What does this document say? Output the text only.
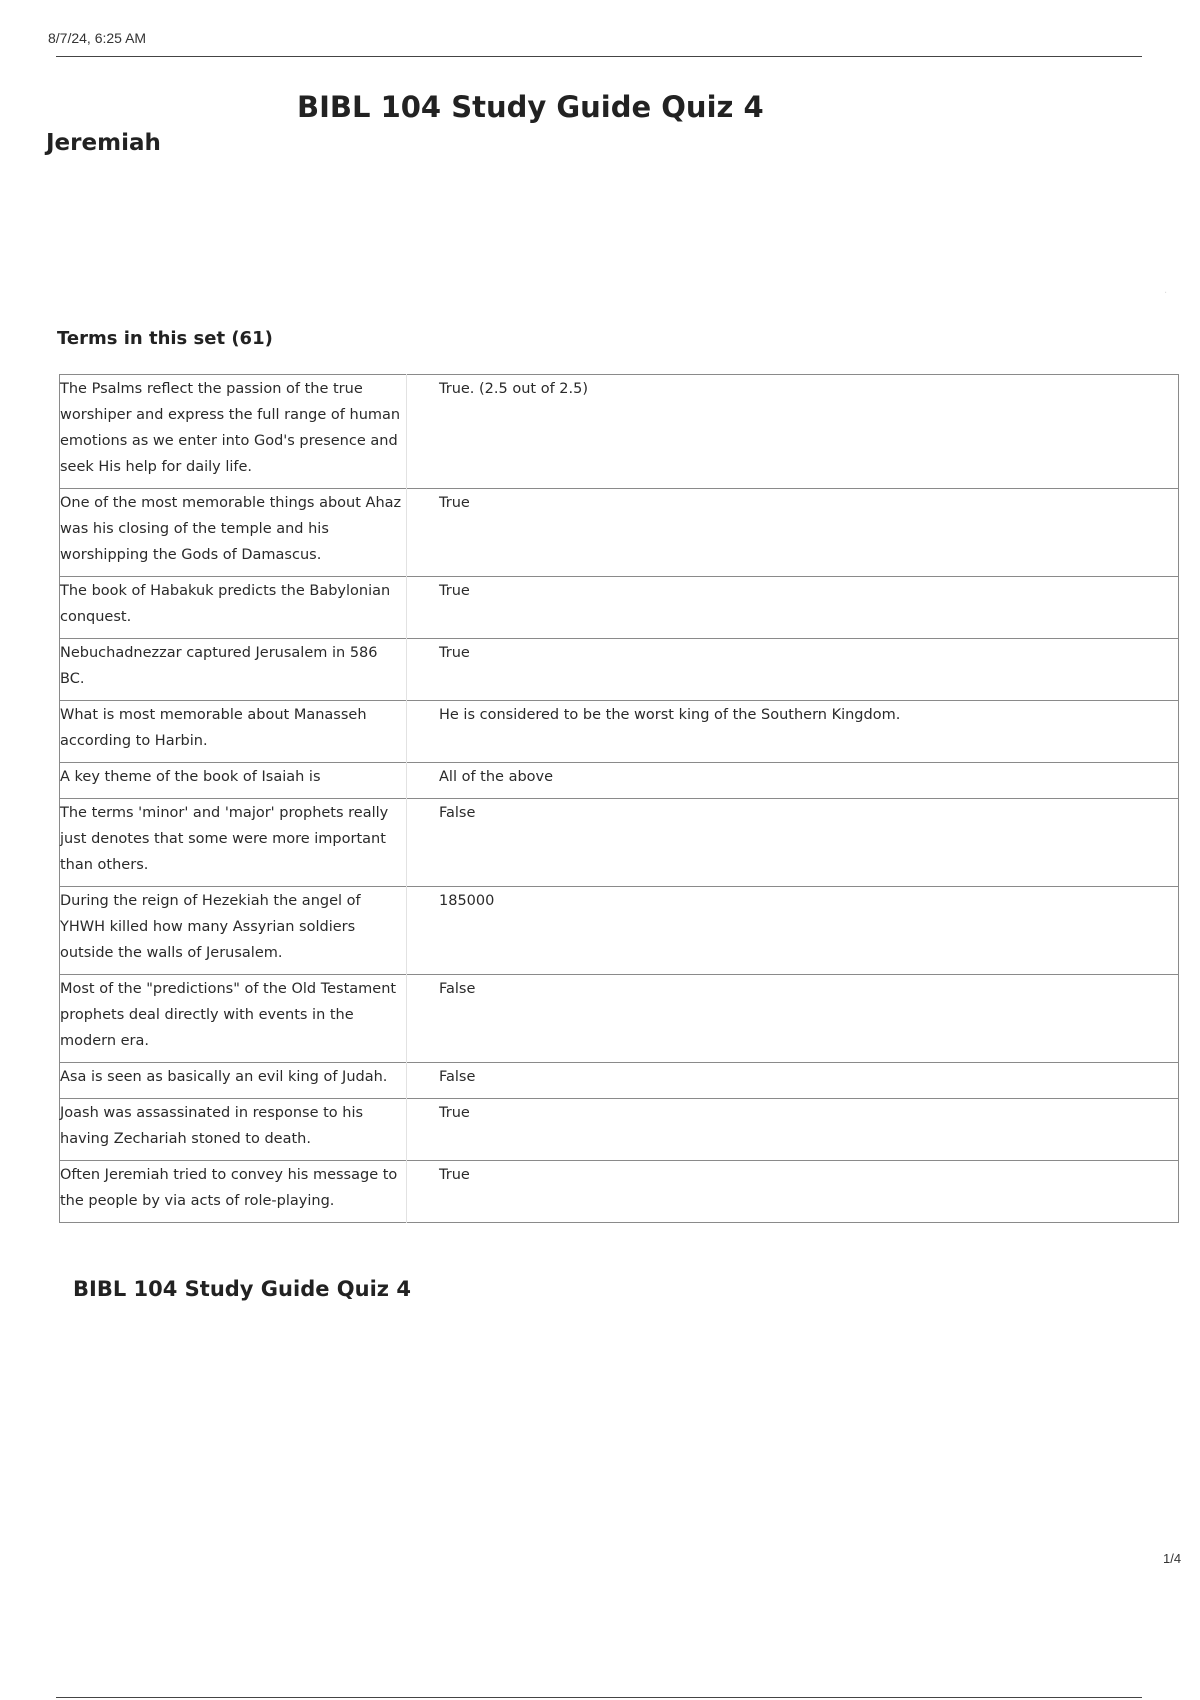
8/7/24, 6:25 AM
BIBL 104 Study Guide Quiz 4
Jeremiah
·
Terms in this set (61)
The Psalms reflect the passion of the true worshiper and express the full range of human emotions as we enter into God's presence and seek His help for daily life.	True. (2.5 out of 2.5)
One of the most memorable things about Ahaz was his closing of the temple and his worshipping the Gods of Damascus.	True
The book of Habakuk predicts the Babylonian conquest.	True
Nebuchadnezzar captured Jerusalem in 586 BC.	True
What is most memorable about Manasseh according to Harbin.	He is considered to be the worst king of the Southern Kingdom.
A key theme of the book of Isaiah is	All of the above
The terms 'minor' and 'major' prophets really just denotes that some were more important than others.	False
During the reign of Hezekiah the angel of YHWH killed how many Assyrian soldiers outside the walls of Jerusalem.	185000
Most of the "predictions" of the Old Testament prophets deal directly with events in the modern era.	False
Asa is seen as basically an evil king of Judah.	False
Joash was assassinated in response to his having Zechariah stoned to death.	True
Often Jeremiah tried to convey his message to the people by via acts of role-playing.	True
BIBL 104 Study Guide Quiz 4
1/4
